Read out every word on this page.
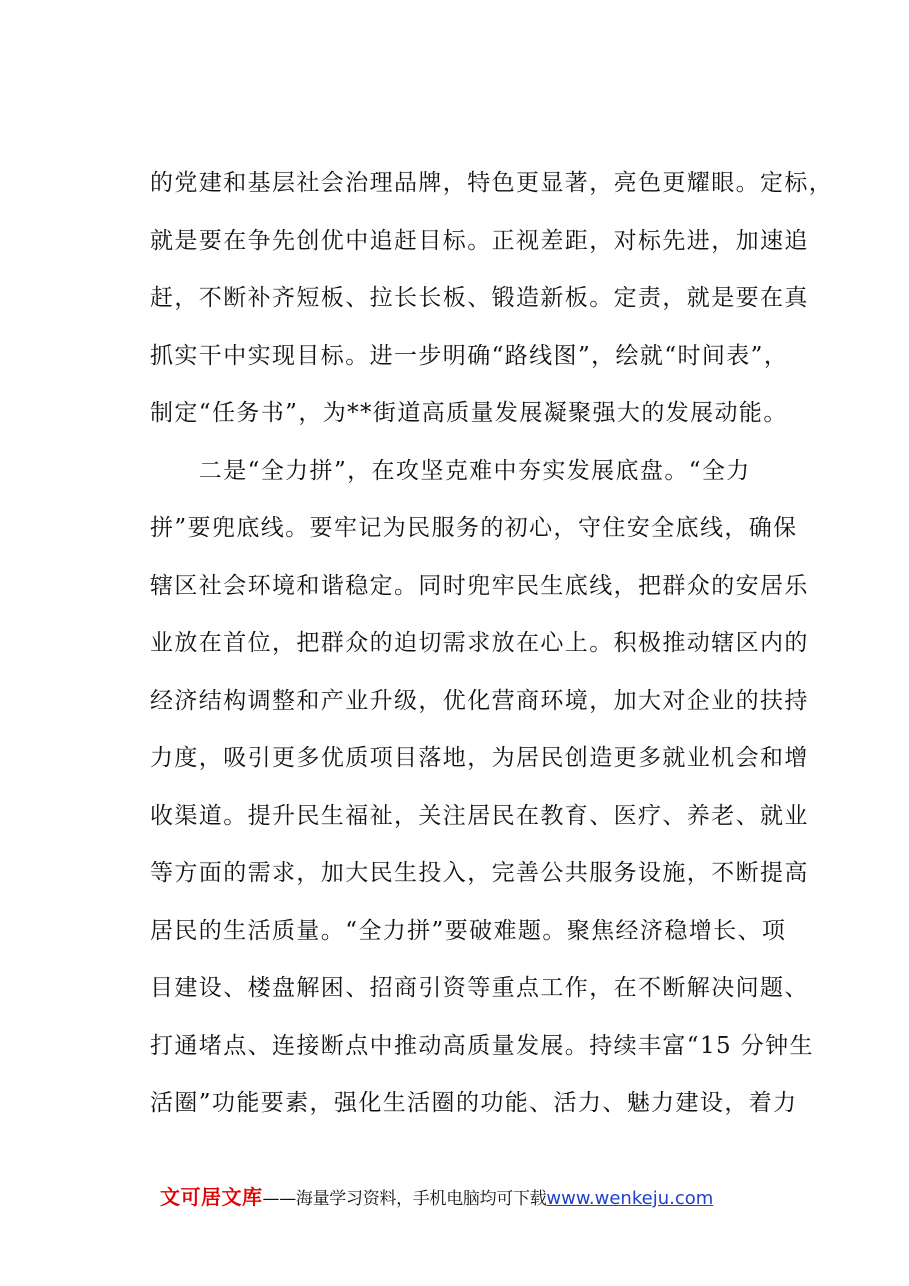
的党建和基层社会治理品牌，特色更显著，亮色更耀眼。定标，
就是要在争先创优中追赶目标。正视差距，对标先进，加速追
赶，不断补齐短板、拉长长板、锻造新板。定责，就是要在真
抓实干中实现目标。进一步明确“路线图”，绘就“时间表”，
制定“任务书”，为**街道高质量发展凝聚强大的发展动能。
　　二是“全力拼”，在攻坚克难中夯实发展底盘。“全力
拼”要兜底线。要牢记为民服务的初心，守住安全底线，确保
辖区社会环境和谐稳定。同时兜牢民生底线，把群众的安居乐
业放在首位，把群众的迫切需求放在心上。积极推动辖区内的
经济结构调整和产业升级，优化营商环境，加大对企业的扶持
力度，吸引更多优质项目落地，为居民创造更多就业机会和增
收渠道。提升民生福祉，关注居民在教育、医疗、养老、就业
等方面的需求，加大民生投入，完善公共服务设施，不断提高
居民的生活质量。“全力拼”要破难题。聚焦经济稳增长、项
目建设、楼盘解困、招商引资等重点工作，在不断解决问题、
打通堵点、连接断点中推动高质量发展。持续丰富“15 分钟生
活圈”功能要素，强化生活圈的功能、活力、魅力建设，着力
文可居文库——海量学习资料，手机电脑均可下载www.wenkeju.com
